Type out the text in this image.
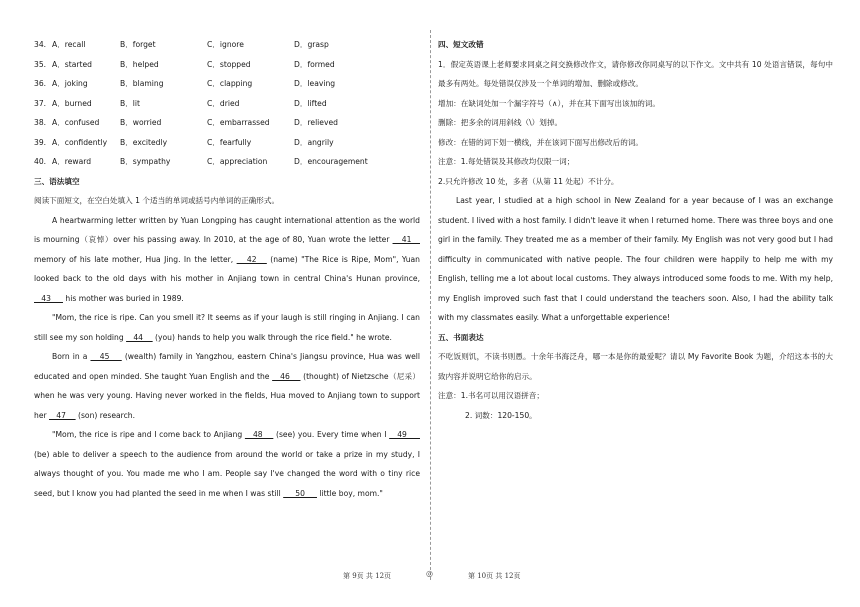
34. A．recall	B．forget	C．ignore	D．grasp
35. A．started	B．helped	C．stopped	D．formed
36. A．joking	B．blaming	C．clapping	D．leaving
37. A．burned	B．lit	C．dried	D．lifted
38. A．confused	B．worried	C．embarrassed	D．relieved
39. A．confidently	B．excitedly	C．fearfully	D．angrily
40. A．reward	B．sympathy	C．appreciation	D．encouragement
三、语法填空
阅读下面短文，在空白处填入 1 个适当的单词或括号内单词的正确形式。
A heartwarming letter written by Yuan Longping has caught international attention as the world is mourning（哀悼）over his passing away. In 2010, at the age of 80, Yuan wrote the letter    41    memory of his late mother, Hua Jing. In the letter,    42    (name) "The Rice is Ripe, Mom", Yuan looked back to the old days with his mother in Anjiang town in central China's Hunan province,    43      his mother was buried in 1989.
"Mom, the rice is ripe. Can you smell it? It seems as if your laugh is still ringing in Anjiang. I can still see my son holding    44     (you) hands to help you walk through the rice field." he wrote.
Born in a    45     (wealth) family in Yangzhou, eastern China's Jiangsu province, Hua was well educated and open minded. She taught Yuan English and the    46     (thought) of Nietzsche（尼采）when he was very young. Having never worked in the fields, Hua moved to Anjiang town to support her    47     (son) research.
"Mom, the rice is ripe and I come back to Anjiang    48     (see) you. Every time when I    49      (be) able to deliver a speech to the audience from around the world or take a prize in my study, I always thought of you. You made me who I am. People say I've changed the word with o tiny rice seed, but I know you had planted the seed in me when I was still      50      little boy, mom."
第 9页 共 12页	◎
四、短文改错
1．假定英语课上老师要求同桌之间交换修改作文，请你修改你同桌写的以下作文。文中共有 10 处语言错误，每句中最多有两处。每处错误仅涉及一个单词的增加、删除或修改。
增加：在缺词处加一个漏字符号（∧），并在其下面写出该加的词。
删除：把多余的词用斜线（\）划掉。
修改：在错的词下划一横线，并在该词下面写出修改后的词。
注意：1.每处错误及其修改均仅限一词；
2.只允许修改 10 处，多者（从第 11 处起）不计分。
Last year, I studied at a high school in New Zealand for a year because of I was an exchange student. I lived with a host family. I didn't leave it when I returned home. There was three boys and one girl in the family. They treated me as a member of their family. My English was not very good but I had difficulty in communicated with native people. The four children were happily to help me with my English, telling me a lot about local customs. They always introduced some foods to me. With my help, my English improved such fast that I could understand the teachers soon. Also, I had the ability talk with my classmates easily. What a unforgettable experience!
五、书面表达
不吃饭则饥，不读书则愚。十余年书海泛舟，哪一本是你的最爱呢？请以 My Favorite Book 为题，介绍这本书的大致内容并说明它给你的启示。
注意：1.书名可以用汉语拼音；
2. 词数：120-150。
第 10页 共 12页
